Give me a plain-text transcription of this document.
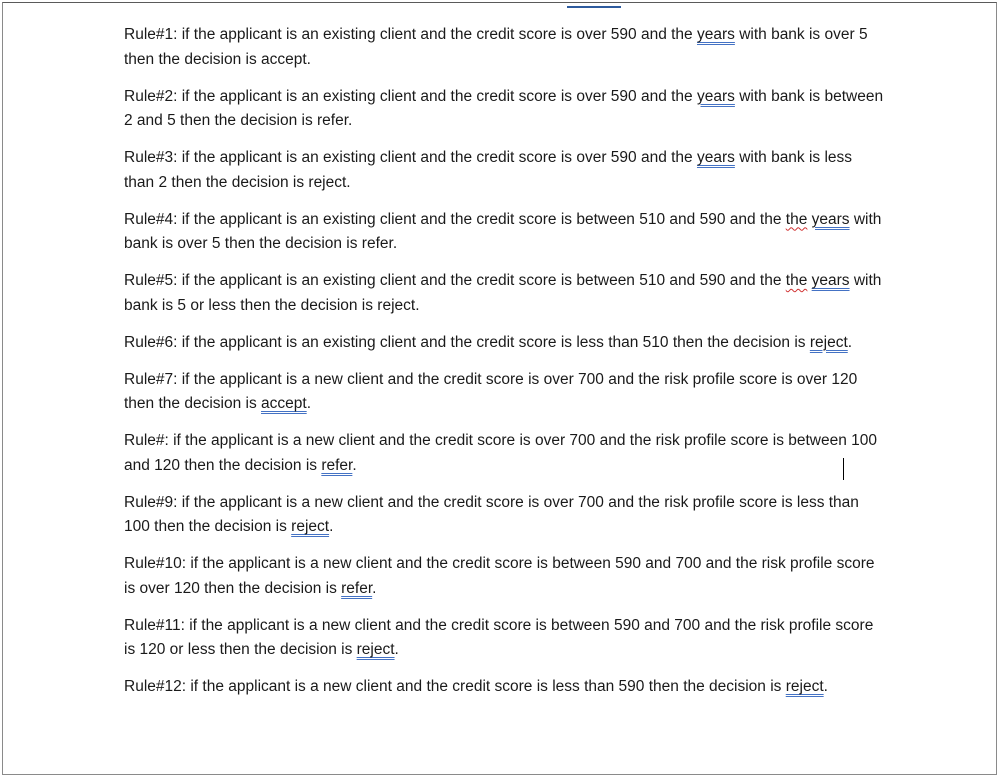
Rule#1: if the applicant is an existing client and the credit score is over 590 and the years with bank is over 5 then the decision is accept.

Rule#2: if the applicant is an existing client and the credit score is over 590 and the years with bank is between 2 and 5 then the decision is refer.

Rule#3: if the applicant is an existing client and the credit score is over 590 and the years with bank is less than 2 then the decision is reject.

Rule#4: if the applicant is an existing client and the credit score is between 510 and 590 and the the years with bank is over 5 then the decision is refer.

Rule#5: if the applicant is an existing client and the credit score is between 510 and 590 and the the years with bank is 5 or less then the decision is reject.

Rule#6: if the applicant is an existing client and the credit score is less than 510 then the decision is reject.

Rule#7: if the applicant is a new client and the credit score is over 700 and the risk profile score is over 120 then the decision is accept.

Rule#: if the applicant is a new client and the credit score is over 700 and the risk profile score is between 100 and 120 then the decision is refer.

Rule#9: if the applicant is a new client and the credit score is over 700 and the risk profile score is less than 100 then the decision is reject.

Rule#10: if the applicant is a new client and the credit score is between 590 and 700 and the risk profile score is over 120 then the decision is refer.

Rule#11: if the applicant is a new client and the credit score is between 590 and 700 and the risk profile score is 120 or less then the decision is reject.

Rule#12: if the applicant is a new client and the credit score is less than 590 then the decision is reject.
